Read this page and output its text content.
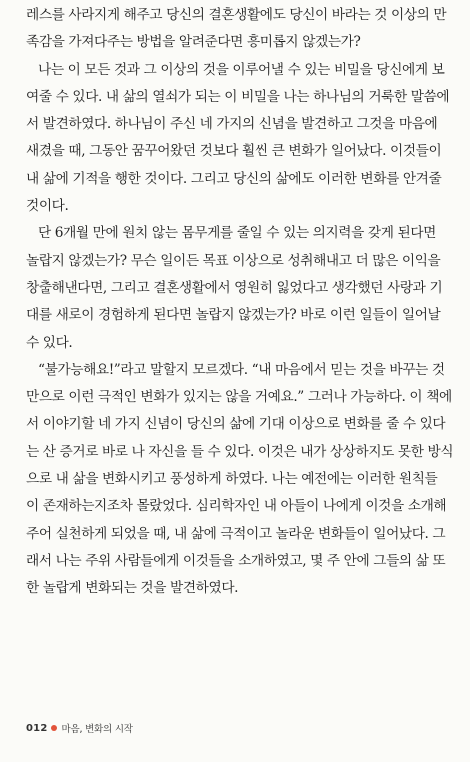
레스를 사라지게 해주고 당신의 결혼생활에도 당신이 바라는 것 이상의 만
족감을 가져다주는 방법을 알려준다면 흥미롭지 않겠는가?
나는 이 모든 것과 그 이상의 것을 이루어낼 수 있는 비밀을 당신에게 보
여줄 수 있다. 내 삶의 열쇠가 되는 이 비밀을 나는 하나님의 거룩한 말씀에
서 발견하였다. 하나님이 주신 네 가지의 신념을 발견하고 그것을 마음에
새겼을 때, 그동안 꿈꾸어왔던 것보다 훨씬 큰 변화가 일어났다. 이것들이
내 삶에 기적을 행한 것이다. 그리고 당신의 삶에도 이러한 변화를 안겨줄
것이다.
단 6개월 만에 원치 않는 몸무게를 줄일 수 있는 의지력을 갖게 된다면
놀랍지 않겠는가? 무슨 일이든 목표 이상으로 성취해내고 더 많은 이익을
창출해낸다면, 그리고 결혼생활에서 영원히 잃었다고 생각했던 사랑과 기
대를 새로이 경험하게 된다면 놀랍지 않겠는가? 바로 이런 일들이 일어날
수 있다.
“불가능해요!”라고 말할지 모르겠다. “내 마음에서 믿는 것을 바꾸는 것
만으로 이런 극적인 변화가 있지는 않을 거예요.” 그러나 가능하다. 이 책에
서 이야기할 네 가지 신념이 당신의 삶에 기대 이상으로 변화를 줄 수 있다
는 산 증거로 바로 나 자신을 들 수 있다. 이것은 내가 상상하지도 못한 방식
으로 내 삶을 변화시키고 풍성하게 하였다. 나는 예전에는 이러한 원칙들
이 존재하는지조차 몰랐었다. 심리학자인 내 아들이 나에게 이것을 소개해
주어 실천하게 되었을 때, 내 삶에 극적이고 놀라운 변화들이 일어났다. 그
래서 나는 주위 사람들에게 이것들을 소개하였고, 몇 주 안에 그들의 삶 또
한 놀랍게 변화되는 것을 발견하였다.
012 마음, 변화의 시작
